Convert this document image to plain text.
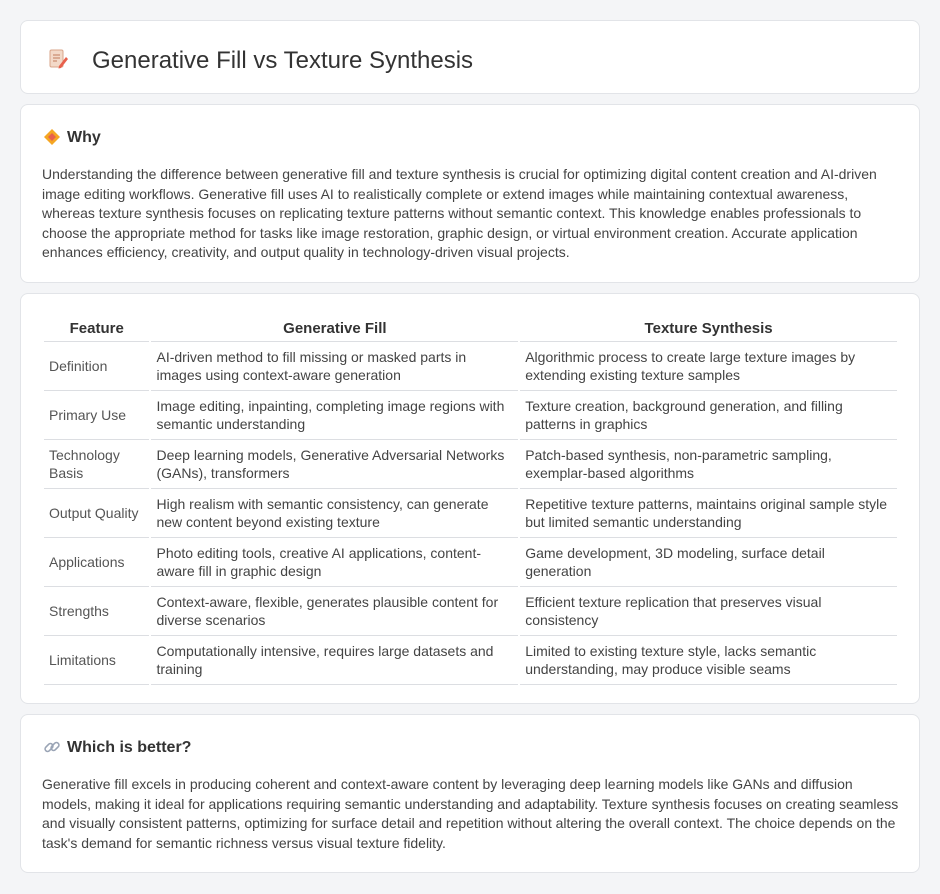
Generative Fill vs Texture Synthesis
Why

Understanding the difference between generative fill and texture synthesis is crucial for optimizing digital content creation and AI-driven image editing workflows. Generative fill uses AI to realistically complete or extend images while maintaining contextual awareness, whereas texture synthesis focuses on replicating texture patterns without semantic context. This knowledge enables professionals to choose the appropriate method for tasks like image restoration, graphic design, or virtual environment creation. Accurate application enhances efficiency, creativity, and output quality in technology-driven visual projects.

Feature	Generative Fill	Texture Synthesis
Definition	AI-driven method to fill missing or masked parts in images using context-aware generation	Algorithmic process to create large texture images by extending existing texture samples
Primary Use	Image editing, inpainting, completing image regions with semantic understanding	Texture creation, background generation, and filling patterns in graphics
Technology Basis	Deep learning models, Generative Adversarial Networks (GANs), transformers	Patch-based synthesis, non-parametric sampling, exemplar-based algorithms
Output Quality	High realism with semantic consistency, can generate new content beyond existing texture	Repetitive texture patterns, maintains original sample style but limited semantic understanding
Applications	Photo editing tools, creative AI applications, content-aware fill in graphic design	Game development, 3D modeling, surface detail generation
Strengths	Context-aware, flexible, generates plausible content for diverse scenarios	Efficient texture replication that preserves visual consistency
Limitations	Computationally intensive, requires large datasets and training	Limited to existing texture style, lacks semantic understanding, may produce visible seams
Which is better?

Generative fill excels in producing coherent and context-aware content by leveraging deep learning models like GANs and diffusion models, making it ideal for applications requiring semantic understanding and adaptability. Texture synthesis focuses on creating seamless and visually consistent patterns, optimizing for surface detail and repetition without altering the overall context. The choice depends on the task's demand for semantic richness versus visual texture fidelity.
